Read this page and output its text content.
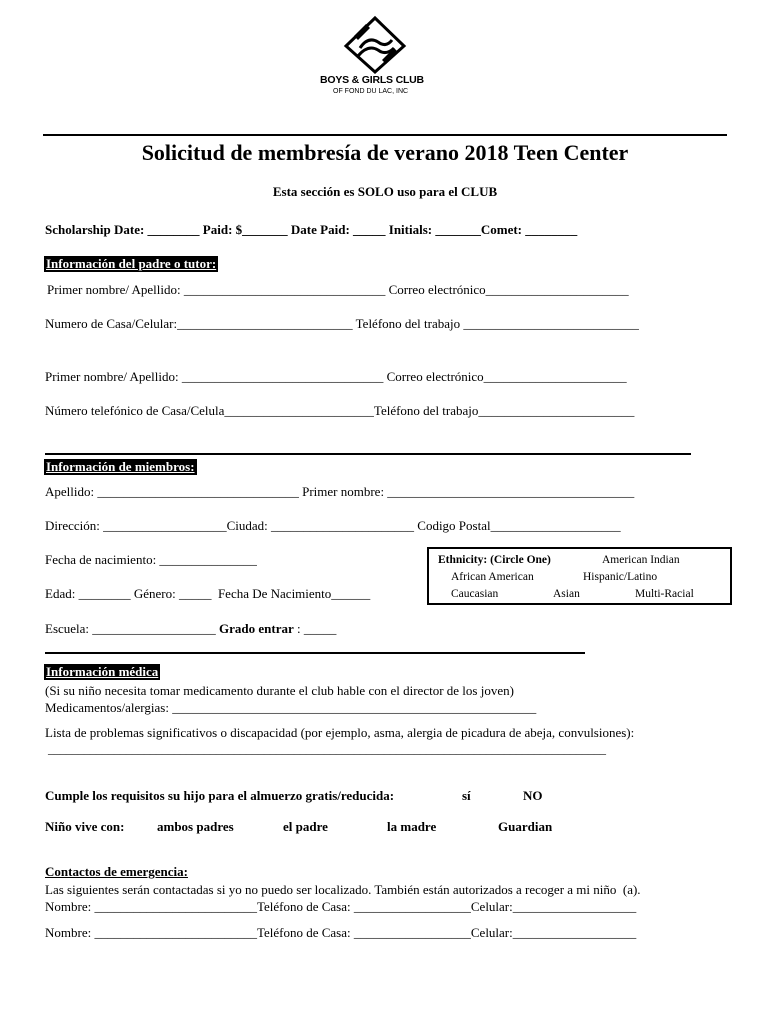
BOYS & GIRLS CLUB
OF FOND DU LAC, INC
Solicitud de membresía de verano 2018 Teen Center
Esta sección es SOLO uso para el CLUB
Scholarship Date: ________ Paid: $_______ Date Paid: _____ Initials: _______Comet: ________
Información del padre o tutor:
Primer nombre/ Apellido: _______________________________ Correo electrónico______________________
Numero de Casa/Celular:___________________________ Teléfono del trabajo ___________________________
Primer nombre/ Apellido: _______________________________ Correo electrónico______________________
Número telefónico de Casa/Celula_______________________Teléfono del trabajo________________________
Información de miembros:
Apellido: _______________________________ Primer nombre: ______________________________________
Dirección: ___________________Ciudad: ______________________ Codigo Postal____________________
Fecha de nacimiento: _______________
Edad: ________ Género: _____  Fecha De Nacimiento______
Escuela: ___________________ Grado entrar : _____
Ethnicity: (Circle One)	American Indian
African American	Hispanic/Latino
Caucasian	Asian	Multi-Racial
Información médica
(Si su niño necesita tomar medicamento durante el club hable con el director de los joven)
Medicamentos/alergias: ________________________________________________________
Lista de problemas significativos o discapacidad (por ejemplo, asma, alergia de picadura de abeja, convulsiones):
_____________________________________________________________________________________________
Cumple los requisitos su hijo para el almuerzo gratis/reducida:	sí	NO
Niño vive con:	ambos padres	el padre	la madre	Guardian
Contactos de emergencia:
Las siguientes serán contactadas si yo no puedo ser localizado. También están autorizados a recoger a mi niño  (a).
Nombre: _________________________Teléfono de Casa: __________________Celular:___________________
Nombre: _________________________Teléfono de Casa: __________________Celular:___________________
